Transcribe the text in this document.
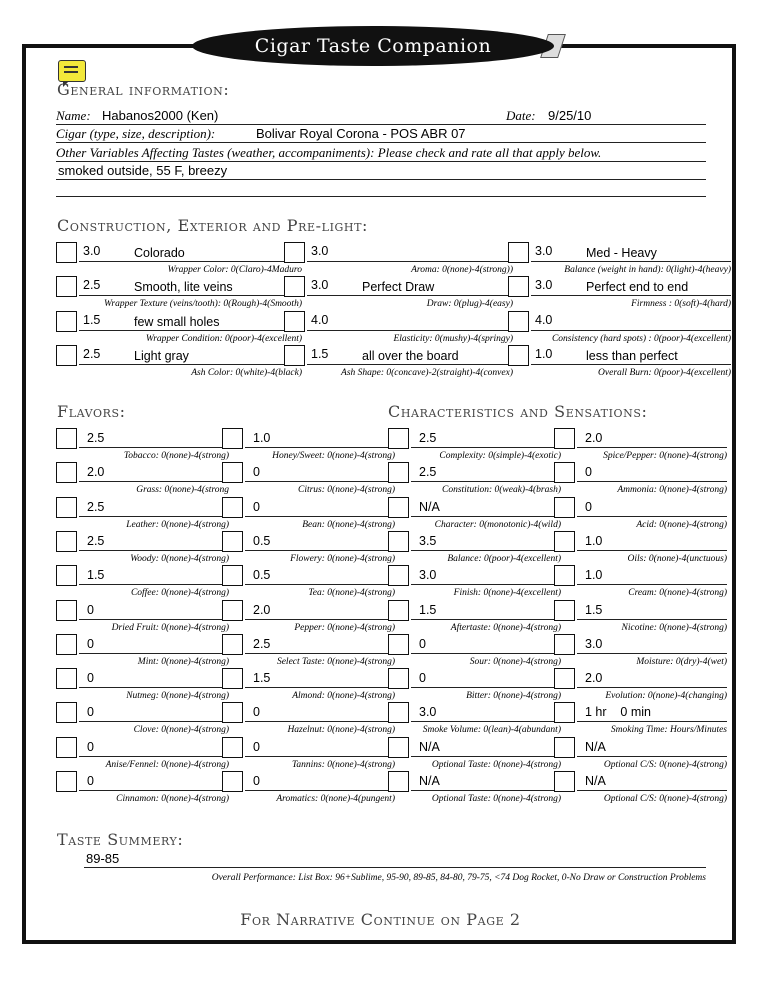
Cigar Taste Companion
General information:
Name: Habanos2000 (Ken)	Date: 9/25/10
Cigar (type, size, description):	Bolivar Royal Corona - POS ABR 07
Other Variables Affecting Tastes (weather, accompaniments): Please check and rate all that apply below.
smoked outside, 55 F, breezy
Construction, Exterior and Pre-light:
3.0	Colorado
Wrapper Color: 0(Claro)-4Maduro
3.0
Aroma: 0(none)-4(strong))
3.0	Med - Heavy
Balance (weight in hand): 0(light)-4(heavy)
2.5	Smooth, lite veins
Wrapper Texture (veins/tooth): 0(Rough)-4(Smooth)
3.0	Perfect Draw
Draw: 0(plug)-4(easy)
3.0	Perfect end to end
Firmness : 0(soft)-4(hard)
1.5	few small holes
Wrapper Condition: 0(poor)-4(excellent)
4.0
Elasticity: 0(mushy)-4(springy)
4.0
Consistency (hard spots) : 0(poor)-4(excellent)
2.5	Light gray
Ash Color: 0(white)-4(black)
1.5	all over the board
Ash Shape: 0(concave)-2(straight)-4(convex)
1.0	less than perfect
Overall Burn: 0(poor)-4(excellent)
Flavors:	Characteristics and Sensations:
2.5
Tobacco: 0(none)-4(strong)
1.0
Honey/Sweet: 0(none)-4(strong)
2.5
Complexity: 0(simple)-4(exotic)
2.0
Spice/Pepper: 0(none)-4(strong)
2.0
Grass: 0(none)-4(strong
0
Citrus: 0(none)-4(strong)
2.5
Constitution: 0(weak)-4(brash)
0
Ammonia: 0(none)-4(strong)
2.5
Leather: 0(none)-4(strong)
0
Bean: 0(none)-4(strong)
N/A
Character: 0(monotonic)-4(wild)
0
Acid: 0(none)-4(strong)
2.5
Woody: 0(none)-4(strong)
0.5
Flowery: 0(none)-4(strong)
3.5
Balance: 0(poor)-4(excellent)
1.0
Oils: 0(none)-4(unctuous)
1.5
Coffee: 0(none)-4(strong)
0.5
Tea: 0(none)-4(strong)
3.0
Finish: 0(none)-4(excellent)
1.0
Cream: 0(none)-4(strong)
0
Dried Fruit: 0(none)-4(strong)
2.0
Pepper: 0(none)-4(strong)
1.5
Aftertaste: 0(none)-4(strong)
1.5
Nicotine: 0(none)-4(strong)
0
Mint: 0(none)-4(strong)
2.5
Select Taste: 0(none)-4(strong)
0
Sour: 0(none)-4(strong)
3.0
Moisture: 0(dry)-4(wet)
0
Nutmeg: 0(none)-4(strong)
1.5
Almond: 0(none)-4(strong)
0
Bitter: 0(none)-4(strong)
2.0
Evolution: 0(none)-4(changing)
0
Clove: 0(none)-4(strong)
0
Hazelnut: 0(none)-4(strong)
3.0
Smoke Volume: 0(lean)-4(abundant)
1 hr    0 min
Smoking Time: Hours/Minutes
0
Anise/Fennel: 0(none)-4(strong)
0
Tannins: 0(none)-4(strong)
N/A
Optional Taste: 0(none)-4(strong)
N/A
Optional C/S: 0(none)-4(strong)
0
Cinnamon: 0(none)-4(strong)
0
Aromatics: 0(none)-4(pungent)
N/A
Optional Taste: 0(none)-4(strong)
N/A
Optional C/S: 0(none)-4(strong)
Taste Summery:
89-85
Overall Performance: List Box: 96+Sublime, 95-90, 89-85, 84-80, 79-75, <74 Dog Rocket, 0-No Draw or Construction Problems
For Narrative Continue on Page 2
